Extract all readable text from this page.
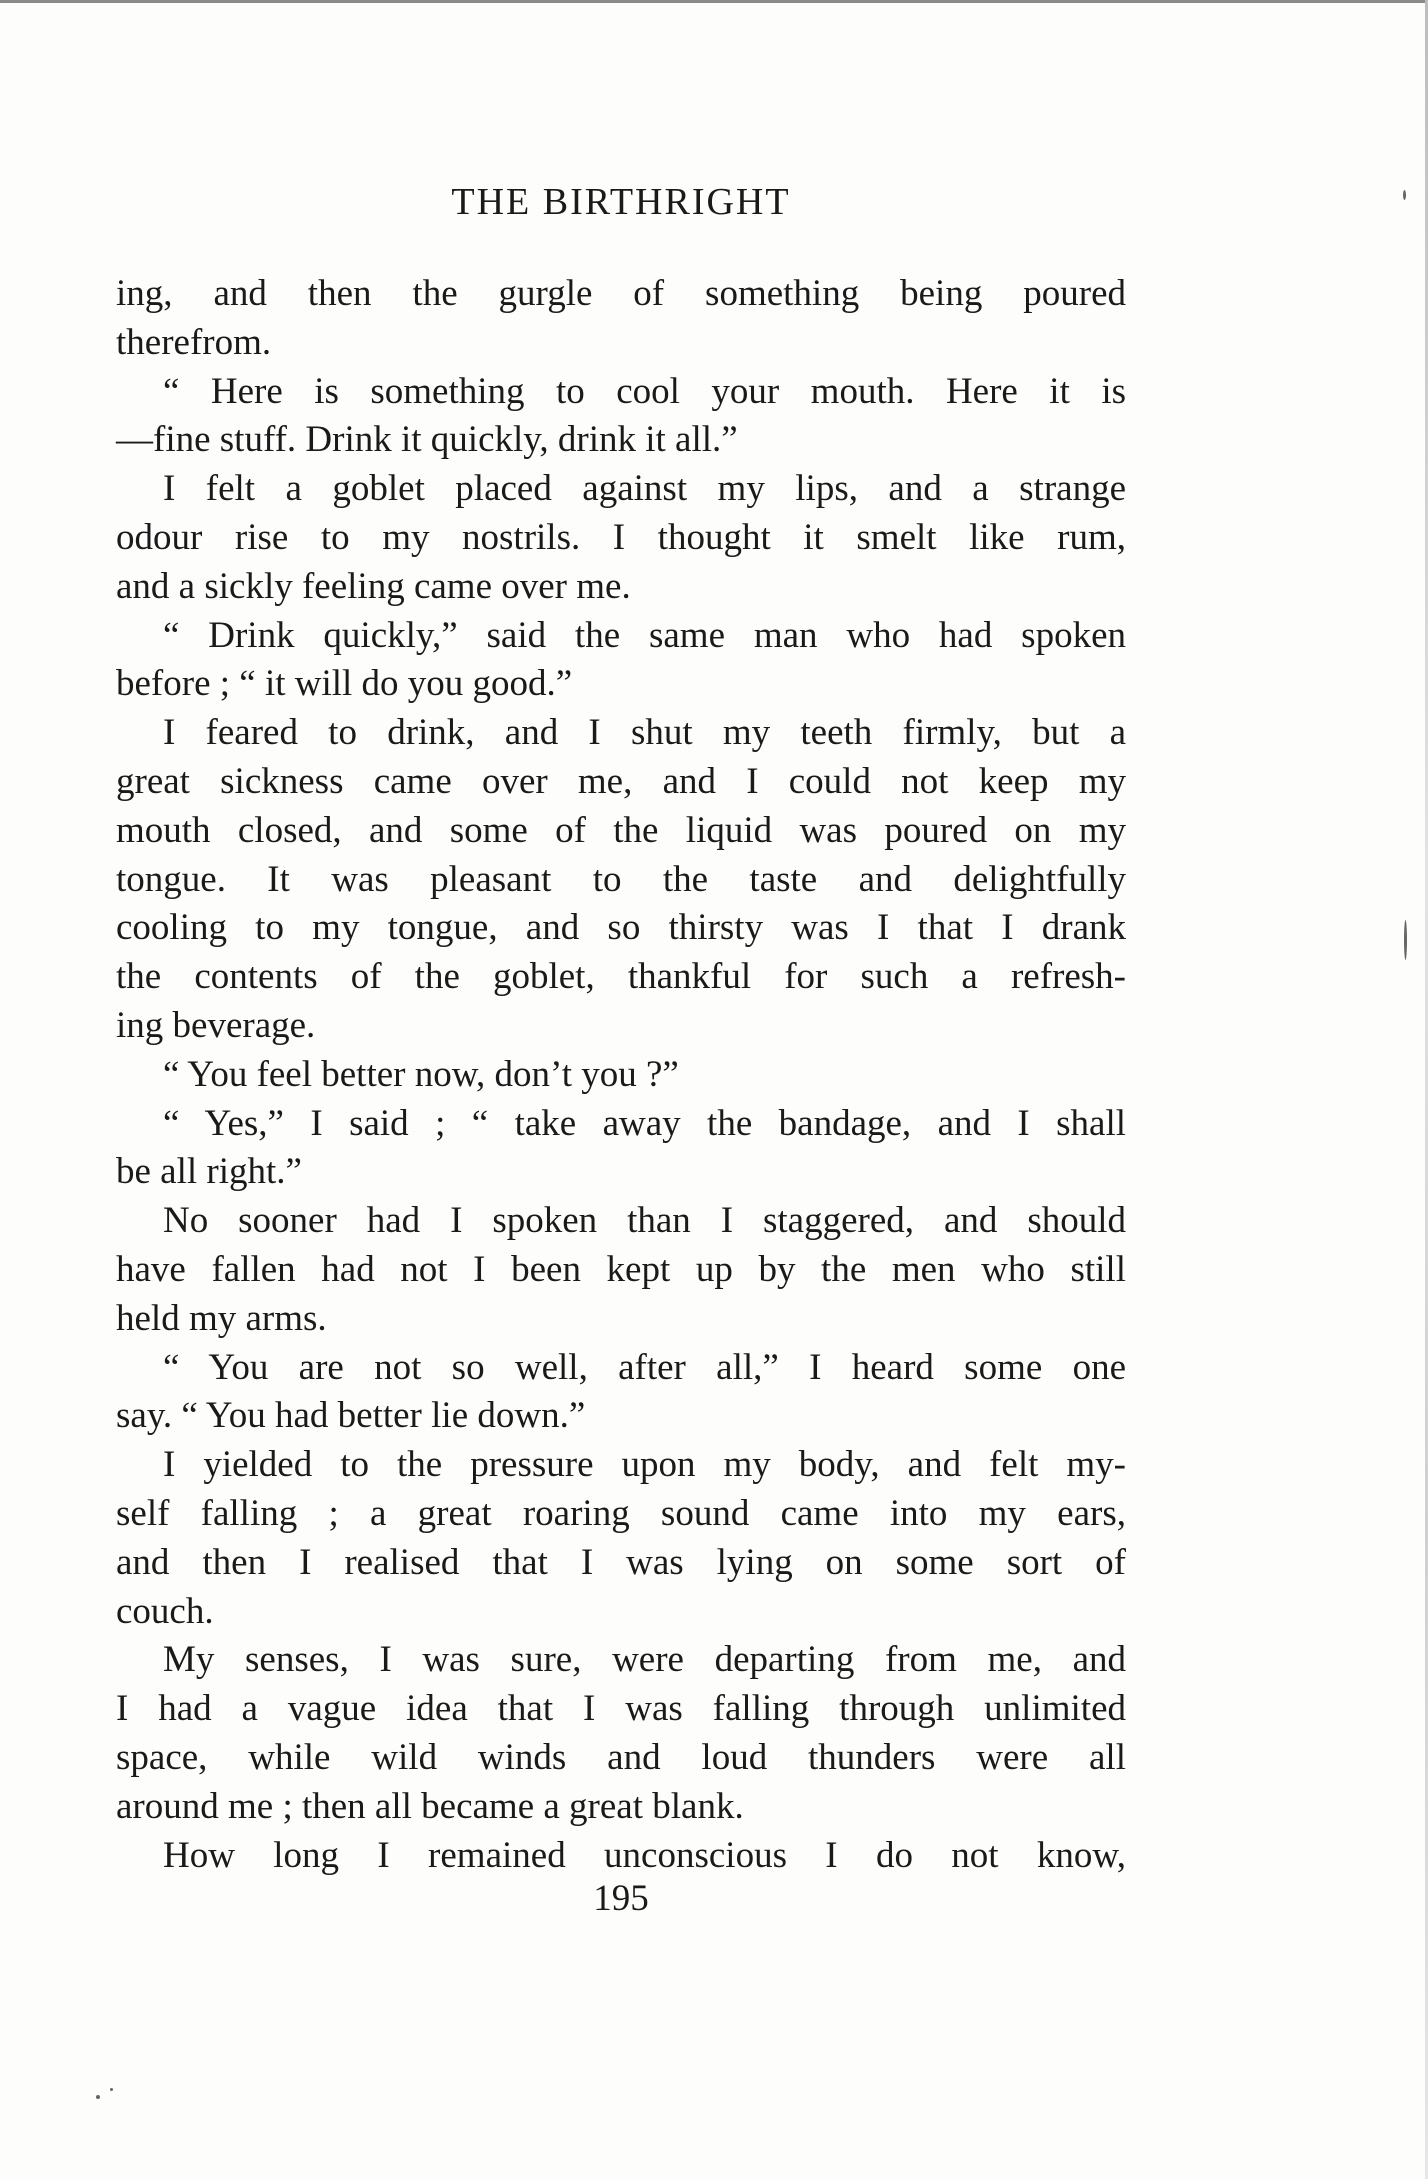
THE BIRTHRIGHT
ing, and then the gurgle of something being poured
therefrom.
“ Here is something to cool your mouth. Here it is
—fine stuff. Drink it quickly, drink it all.”
I felt a goblet placed against my lips, and a strange
odour rise to my nostrils. I thought it smelt like rum,
and a sickly feeling came over me.
“ Drink quickly,” said the same man who had spoken
before ; “ it will do you good.”
I feared to drink, and I shut my teeth firmly, but a
great sickness came over me, and I could not keep my
mouth closed, and some of the liquid was poured on my
tongue. It was pleasant to the taste and delightfully
cooling to my tongue, and so thirsty was I that I drank
the contents of the goblet, thankful for such a refresh-
ing beverage.
“ You feel better now, don’t you ?”
“ Yes,” I said ; “ take away the bandage, and I shall
be all right.”
No sooner had I spoken than I staggered, and should
have fallen had not I been kept up by the men who still
held my arms.
“ You are not so well, after all,” I heard some one
say. “ You had better lie down.”
I yielded to the pressure upon my body, and felt my-
self falling ; a great roaring sound came into my ears,
and then I realised that I was lying on some sort of
couch.
My senses, I was sure, were departing from me, and
I had a vague idea that I was falling through unlimited
space, while wild winds and loud thunders were all
around me ; then all became a great blank.
How long I remained unconscious I do not know,
195
